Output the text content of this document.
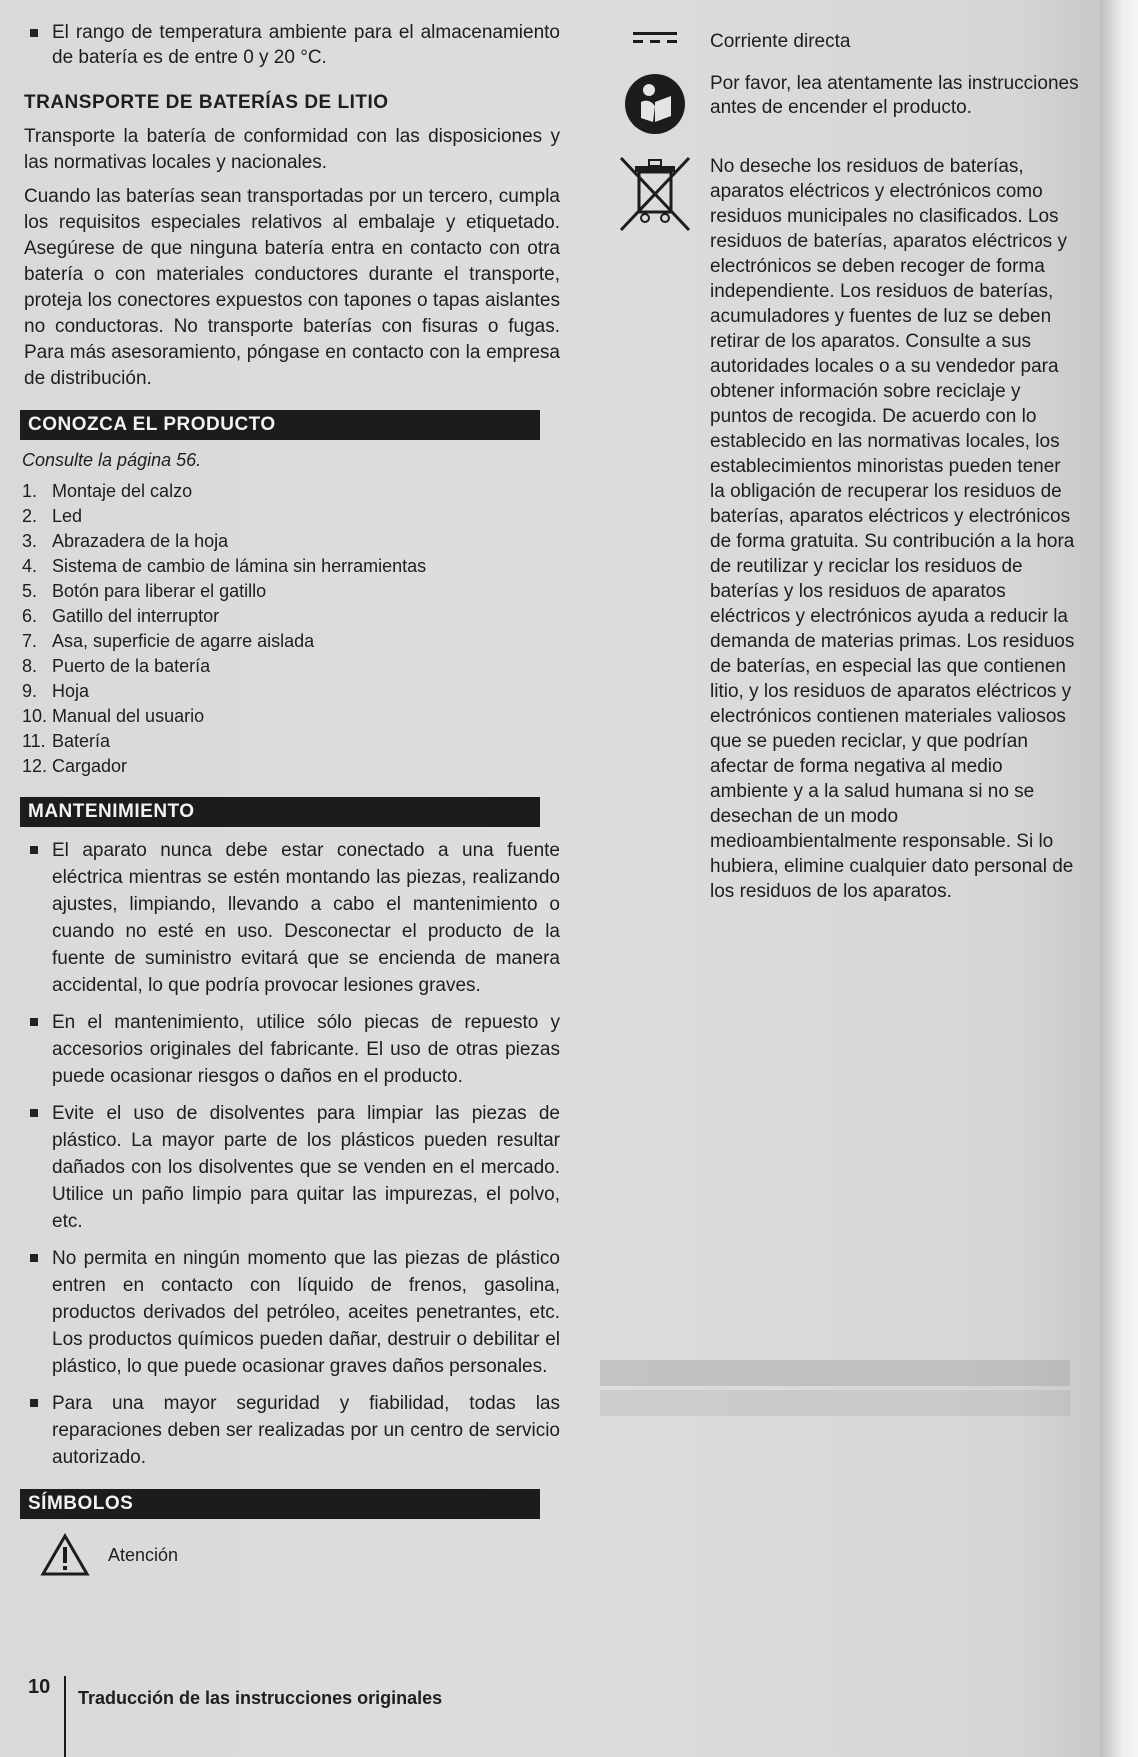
El rango de temperatura ambiente para el almacenamiento de batería es de entre 0 y 20 °C.
TRANSPORTE DE BATERÍAS DE LITIO

Transporte la batería de conformidad con las disposiciones y las normativas locales y nacionales.

Cuando las baterías sean transportadas por un tercero, cumpla los requisitos especiales relativos al embalaje y etiquetado. Asegúrese de que ninguna batería entra en contacto con otra batería o con materiales conductores durante el transporte, proteja los conectores expuestos con tapones o tapas aislantes no conductoras. No transporte baterías con fisuras o fugas. Para más asesoramiento, póngase en contacto con la empresa de distribución.

CONOZCA EL PRODUCTO
Consulte la página 56.
1. Montaje del calzo
2. Led
3. Abrazadera de la hoja
4. Sistema de cambio de lámina sin herramientas
5. Botón para liberar el gatillo
6. Gatillo del interruptor
7. Asa, superficie de agarre aislada
8. Puerto de la batería
9. Hoja
10. Manual del usuario
11. Batería
12. Cargador
MANTENIMIENTO
El aparato nunca debe estar conectado a una fuente eléctrica mientras se estén montando las piezas, realizando ajustes, limpiando, llevando a cabo el mantenimiento o cuando no esté en uso. Desconectar el producto de la fuente de suministro evitará que se encienda de manera accidental, lo que podría provocar lesiones graves.
En el mantenimiento, utilice sólo piecas de repuesto y accesorios originales del fabricante. El uso de otras piezas puede ocasionar riesgos o daños en el producto.
Evite el uso de disolventes para limpiar las piezas de plástico. La mayor parte de los plásticos pueden resultar dañados con los disolventes que se venden en el mercado. Utilice un paño limpio para quitar las impurezas, el polvo, etc.
No permita en ningún momento que las piezas de plástico entren en contacto con líquido de frenos, gasolina, productos derivados del petróleo, aceites penetrantes, etc. Los productos químicos pueden dañar, destruir o debilitar el plástico, lo que puede ocasionar graves daños personales.
Para una mayor seguridad y fiabilidad, todas las reparaciones deben ser realizadas por un centro de servicio autorizado.
SÍMBOLOS
Atención
Corriente directa
Por favor, lea atentamente las instrucciones antes de encender el producto.
No deseche los residuos de baterías, aparatos eléctricos y electrónicos como residuos municipales no clasificados. Los residuos de baterías, aparatos eléctricos y electrónicos se deben recoger de forma independiente. Los residuos de baterías, acumuladores y fuentes de luz se deben retirar de los aparatos. Consulte a sus autoridades locales o a su vendedor para obtener información sobre reciclaje y puntos de recogida. De acuerdo con lo establecido en las normativas locales, los establecimientos minoristas pueden tener la obligación de recuperar los residuos de baterías, aparatos eléctricos y electrónicos de forma gratuita. Su contribución a la hora de reutilizar y reciclar los residuos de baterías y los residuos de aparatos eléctricos y electrónicos ayuda a reducir la demanda de materias primas. Los residuos de baterías, en especial las que contienen litio, y los residuos de aparatos eléctricos y electrónicos contienen materiales valiosos que se pueden reciclar, y que podrían afectar de forma negativa al medio ambiente y a la salud humana si no se desechan de un modo medioambientalmente responsable. Si lo hubiera, elimine cualquier dato personal de los residuos de los aparatos.
10	Traducción de las instrucciones originales
